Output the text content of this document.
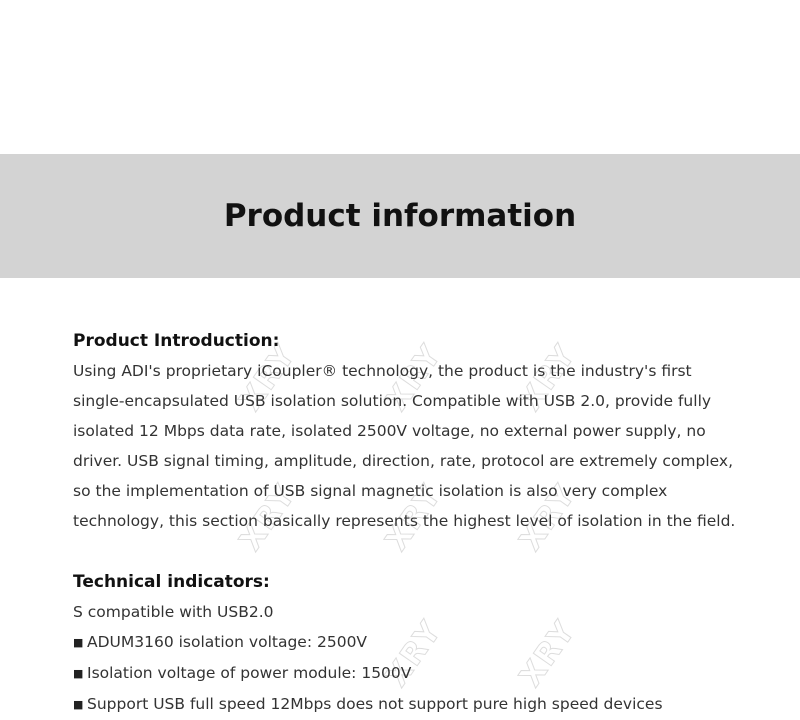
Product information
XRY	XRY XRY
XRY	XRY XRY
XRY XRY
Product Introduction:

Using ADI's proprietary iCoupler® technology, the product is the industry's first
single-encapsulated USB isolation solution. Compatible with USB 2.0, provide fully
isolated 12 Mbps data rate, isolated 2500V voltage, no external power supply, no
driver. USB signal timing, amplitude, direction, rate, protocol are extremely complex,
so the implementation of USB signal magnetic isolation is also very complex
technology, this section basically represents the highest level of isolation in the field.

Technical indicators:

S compatible with USB2.0

■ ADUM3160 isolation voltage: 2500V
■ Isolation voltage of power module: 1500V
■ Support USB full speed 12Mbps does not support pure high speed devices
